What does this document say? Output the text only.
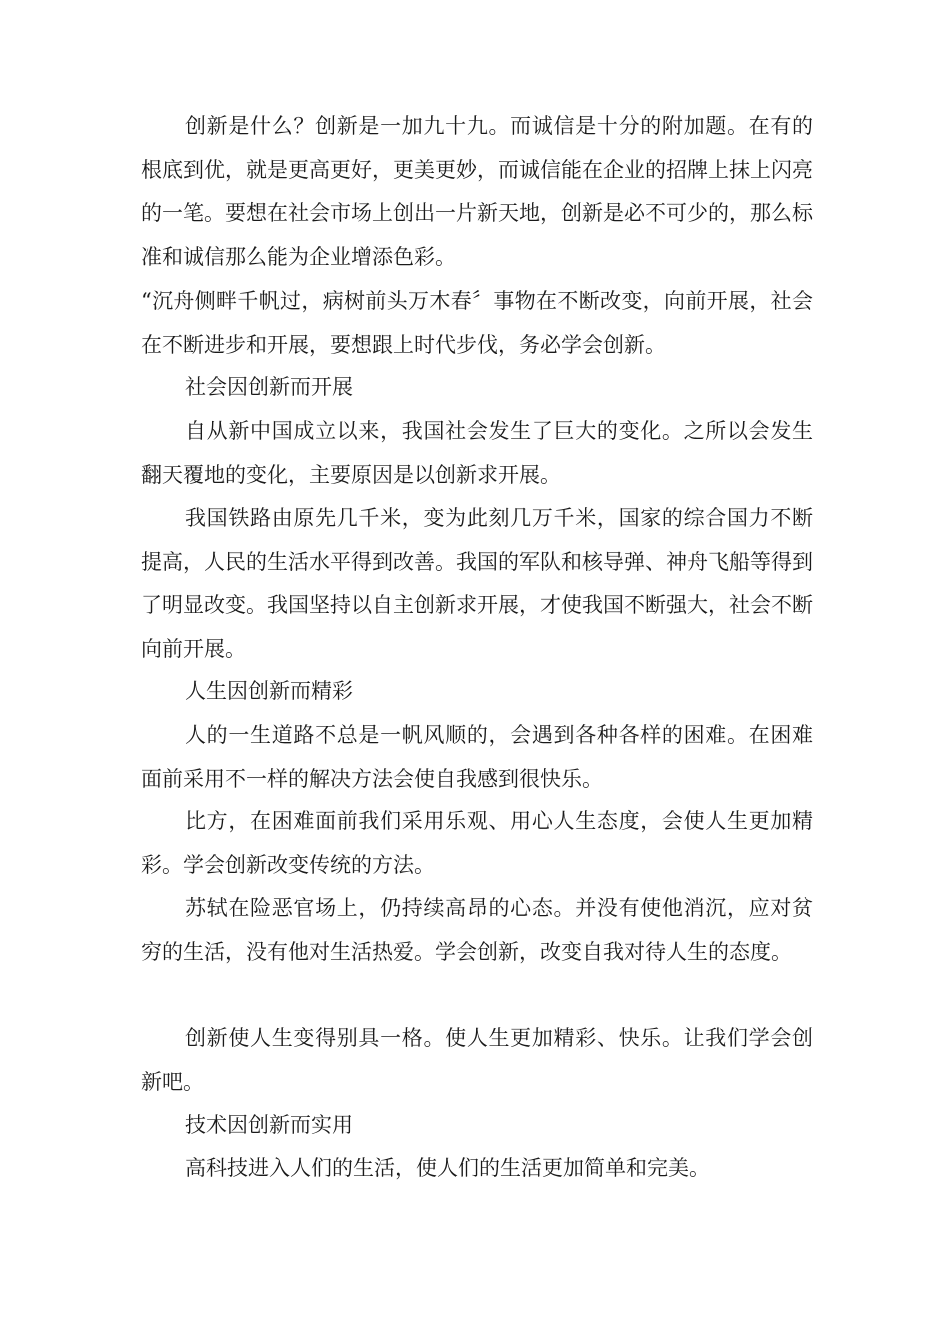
创新是什么？创新是一加九十九。而诚信是十分的附加题。在有的根底到优，就是更高更好，更美更妙，而诚信能在企业的招牌上抹上闪亮的一笔。要想在社会市场上创出一片新天地，创新是必不可少的，那么标准和诚信那么能为企业增添色彩。

“沉舟侧畔千帆过，病树前头万木春〞事物在不断改变，向前开展，社会在不断进步和开展，要想跟上时代步伐，务必学会创新。

社会因创新而开展

自从新中国成立以来，我国社会发生了巨大的变化。之所以会发生翻天覆地的变化，主要原因是以创新求开展。

我国铁路由原先几千米，变为此刻几万千米，国家的综合国力不断提高，人民的生活水平得到改善。我国的军队和核导弹、神舟飞船等得到了明显改变。我国坚持以自主创新求开展，才使我国不断强大，社会不断向前开展。

人生因创新而精彩

人的一生道路不总是一帆风顺的，会遇到各种各样的困难。在困难面前采用不一样的解决方法会使自我感到很快乐。

比方，在困难面前我们采用乐观、用心人生态度，会使人生更加精彩。学会创新改变传统的方法。

苏轼在险恶官场上，仍持续高昂的心态。并没有使他消沉，应对贫穷的生活，没有他对生活热爱。学会创新，改变自我对待人生的态度。

创新使人生变得别具一格。使人生更加精彩、快乐。让我们学会创新吧。

技术因创新而实用

高科技进入人们的生活，使人们的生活更加简单和完美。
